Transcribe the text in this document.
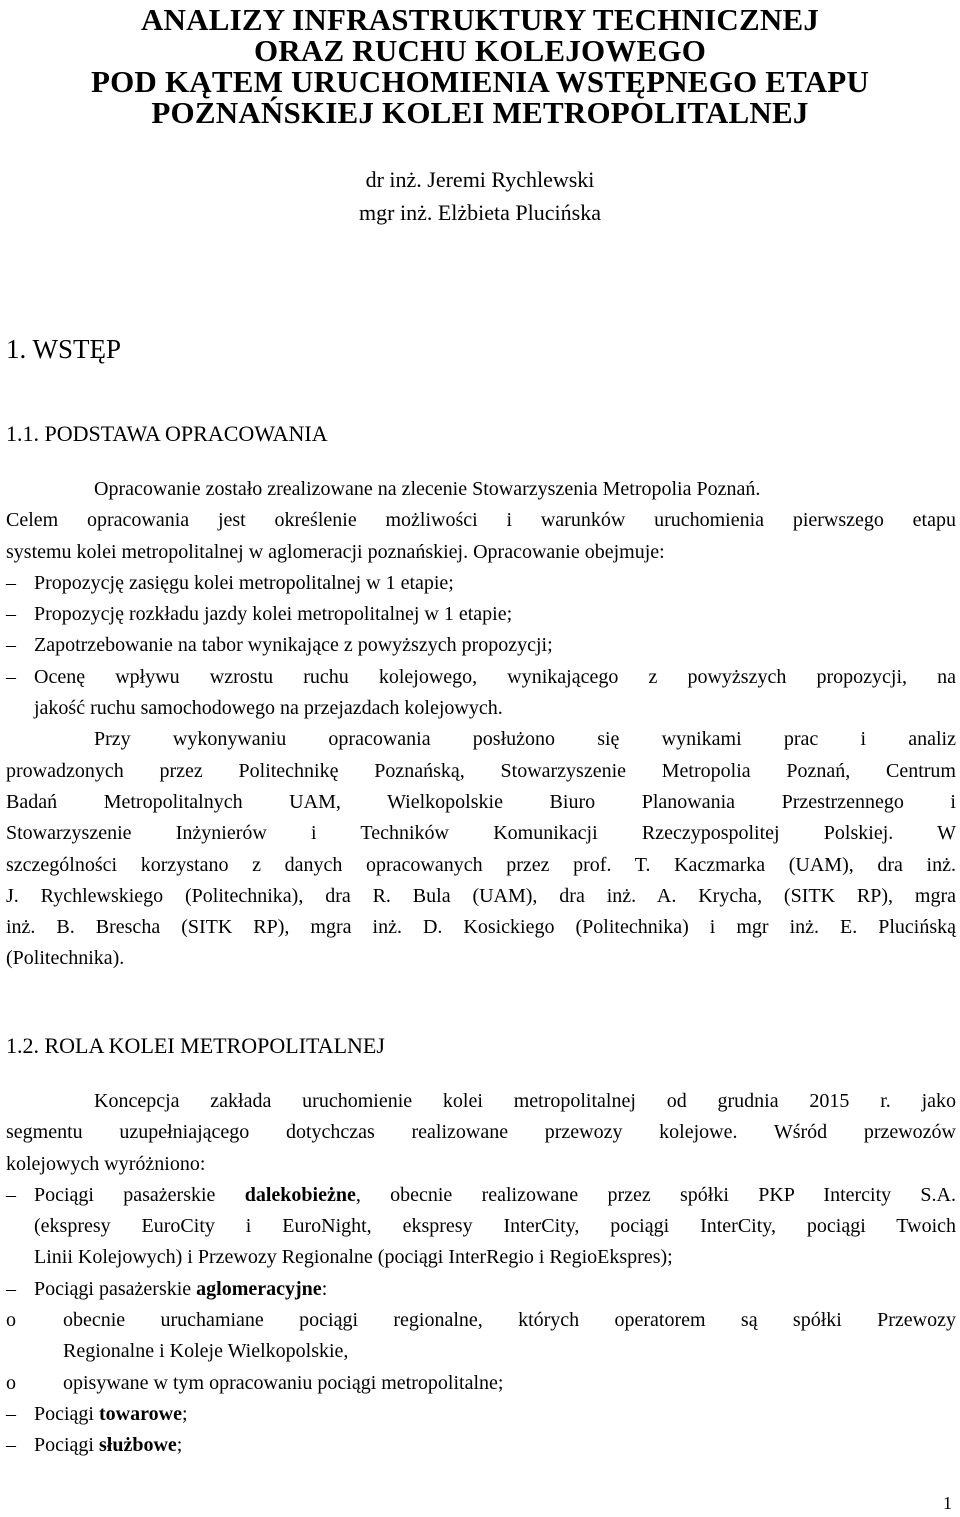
ANALIZY INFRASTRUKTURY TECHNICZNEJ
ORAZ RUCHU KOLEJOWEGO
POD KĄTEM URUCHOMIENIA WSTĘPNEGO ETAPU
POZNAŃSKIEJ KOLEI METROPOLITALNEJ
dr inż. Jeremi Rychlewski
mgr inż. Elżbieta Plucińska
1. WSTĘP
1.1. PODSTAWA OPRACOWANIA
Opracowanie zostało zrealizowane na zlecenie Stowarzyszenia Metropolia Poznań.
Celem opracowania jest określenie możliwości i warunków uruchomienia pierwszego etapu
systemu kolei metropolitalnej w aglomeracji poznańskiej. Opracowanie obejmuje:
– Propozycję zasięgu kolei metropolitalnej w 1 etapie;
– Propozycję rozkładu jazdy kolei metropolitalnej w 1 etapie;
– Zapotrzebowanie na tabor wynikające z powyższych propozycji;
– Ocenę wpływu wzrostu ruchu kolejowego, wynikającego z powyższych propozycji, na
jakość ruchu samochodowego na przejazdach kolejowych.
Przy wykonywaniu opracowania posłużono się wynikami prac i analiz
prowadzonych przez Politechnikę Poznańską, Stowarzyszenie Metropolia Poznań, Centrum
Badań Metropolitalnych UAM, Wielkopolskie Biuro Planowania Przestrzennego i
Stowarzyszenie Inżynierów i Techników Komunikacji Rzeczypospolitej Polskiej. W
szczególności korzystano z danych opracowanych przez prof. T. Kaczmarka (UAM), dra inż.
J. Rychlewskiego (Politechnika), dra R. Bula (UAM), dra inż. A. Krycha, (SITK RP), mgra
inż. B. Brescha (SITK RP), mgra inż. D. Kosickiego (Politechnika) i mgr inż. E. Plucińską
(Politechnika).
1.2. ROLA KOLEI METROPOLITALNEJ
Koncepcja zakłada uruchomienie kolei metropolitalnej od grudnia 2015 r. jako
segmentu uzupełniającego dotychczas realizowane przewozy kolejowe. Wśród przewozów
kolejowych wyróżniono:
– Pociągi pasażerskie dalekobieżne, obecnie realizowane przez spółki PKP Intercity S.A.
(ekspresy EuroCity i EuroNight, ekspresy InterCity, pociągi InterCity, pociągi Twoich
Linii Kolejowych) i Przewozy Regionalne (pociągi InterRegio i RegioEkspres);
– Pociągi pasażerskie aglomeracyjne:
o obecnie uruchamiane pociągi regionalne, których operatorem są spółki Przewozy
Regionalne i Koleje Wielkopolskie,
o opisywane w tym opracowaniu pociągi metropolitalne;
– Pociągi towarowe;
– Pociągi służbowe;
1
